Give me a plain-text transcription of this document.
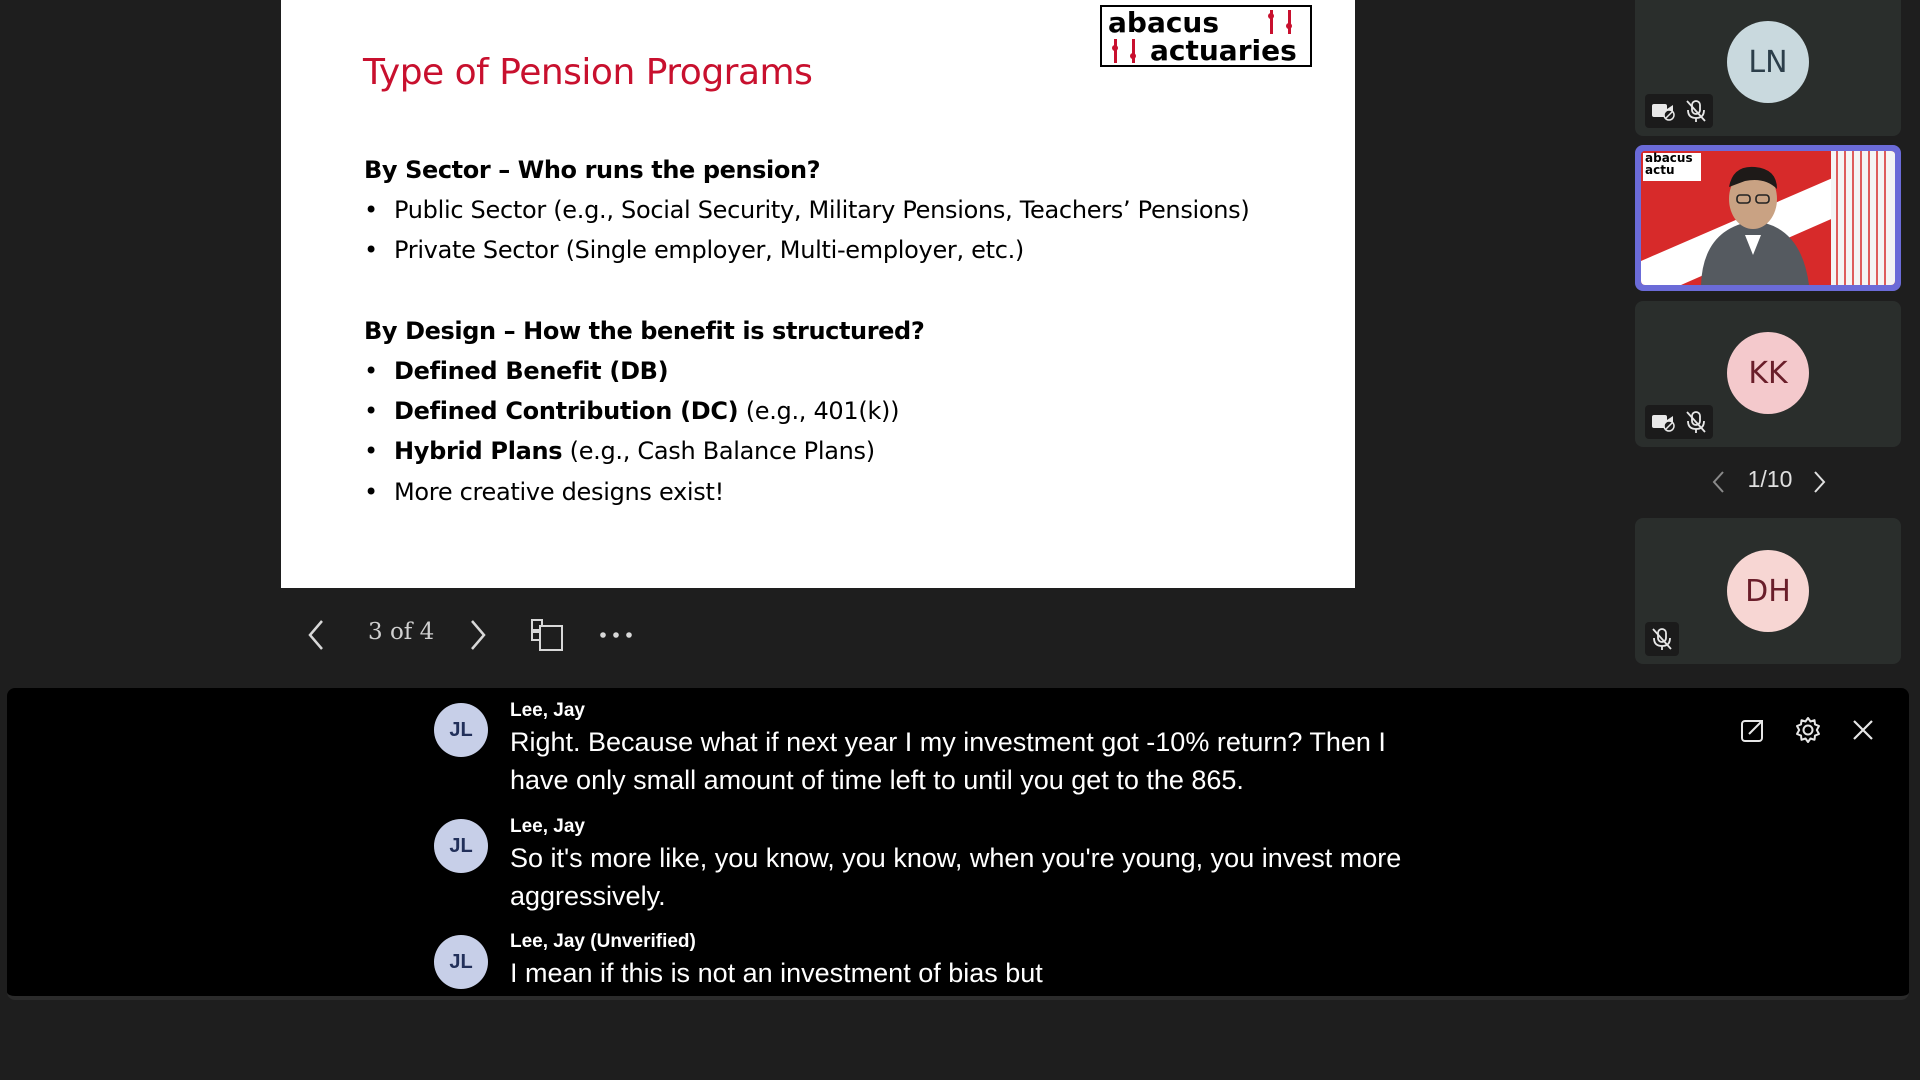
Type of Pension Programs
abacus
actuaries
By Sector – Who runs the pension?
• Public Sector (e.g., Social Security, Military Pensions, Teachers’ Pensions)
• Private Sector (Single employer, Multi-employer, etc.)
By Design – How the benefit is structured?
• Defined Benefit (DB)
• Defined Contribution (DC) (e.g., 401(k))
• Hybrid Plans (e.g., Cash Balance Plans)
• More creative designs exist!
3 of 4
LN
abacus actu
KK
1/10
DH
JL
Lee, Jay
Right. Because what if next year I my investment got -10% return? Then I have only small amount of time left to until you get to the 865.
JL
Lee, Jay
So it's more like, you know, you know, when you're young, you invest more aggressively.
JL
Lee, Jay (Unverified)
I mean if this is not an investment of bias but
